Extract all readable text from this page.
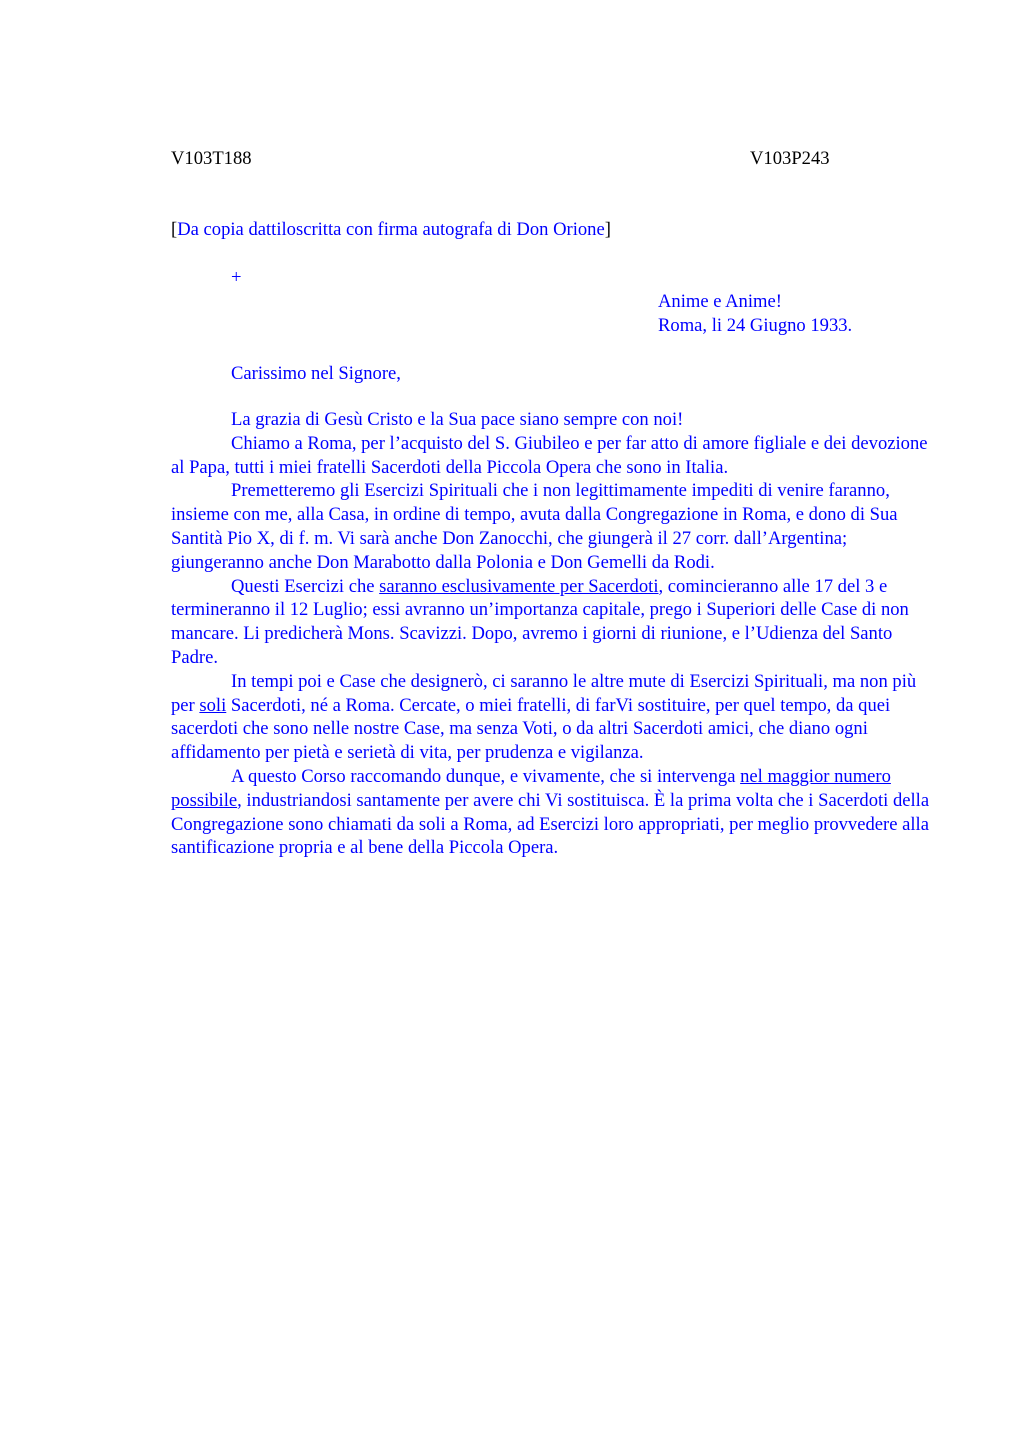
V103T188	V103P243
[Da copia dattiloscritta con firma autografa di Don Orione]
+
Anime e Anime!
Roma, li 24 Giugno 1933.
Carissimo nel Signore,

La grazia di Gesù Cristo e la Sua pace siano sempre con noi!

Chiamo a Roma, per l’acquisto del S. Giubileo e per far atto di amore figliale e dei devozione al Papa, tutti i miei fratelli Sacerdoti della Piccola Opera che sono in Italia.

Premetteremo gli Esercizi Spirituali che i non legittimamente impediti di venire faranno, insieme con me, alla Casa, in ordine di tempo, avuta dalla Congregazione in Roma, e dono di Sua Santità Pio X, di f. m. Vi sarà anche Don Zanocchi, che giungerà il 27 corr. dall’Argentina; giungeranno anche Don Marabotto dalla Polonia e Don Gemelli da Rodi.

Questi Esercizi che saranno esclusivamente per Sacerdoti, comincieranno alle 17 del 3 e termineranno il 12 Luglio; essi avranno un’importanza capitale, prego i Superiori delle Case di non mancare. Li predicherà Mons. Scavizzi. Dopo, avremo i giorni di riunione, e l’Udienza del Santo Padre.

In tempi poi e Case che designerò, ci saranno le altre mute di Esercizi Spirituali, ma non più per soli Sacerdoti, né a Roma. Cercate, o miei fratelli, di farVi sostituire, per quel tempo, da quei sacerdoti che sono nelle nostre Case, ma senza Voti, o da altri Sacerdoti amici, che diano ogni affidamento per pietà e serietà di vita, per prudenza e vigilanza.

A questo Corso raccomando dunque, e vivamente, che si intervenga nel maggior numero possibile, industriandosi santamente per avere chi Vi sostituisca. È la prima volta che i Sacerdoti della Congregazione sono chiamati da soli a Roma, ad Esercizi loro appropriati, per meglio provvedere alla santificazione propria e al bene della Piccola Opera.
